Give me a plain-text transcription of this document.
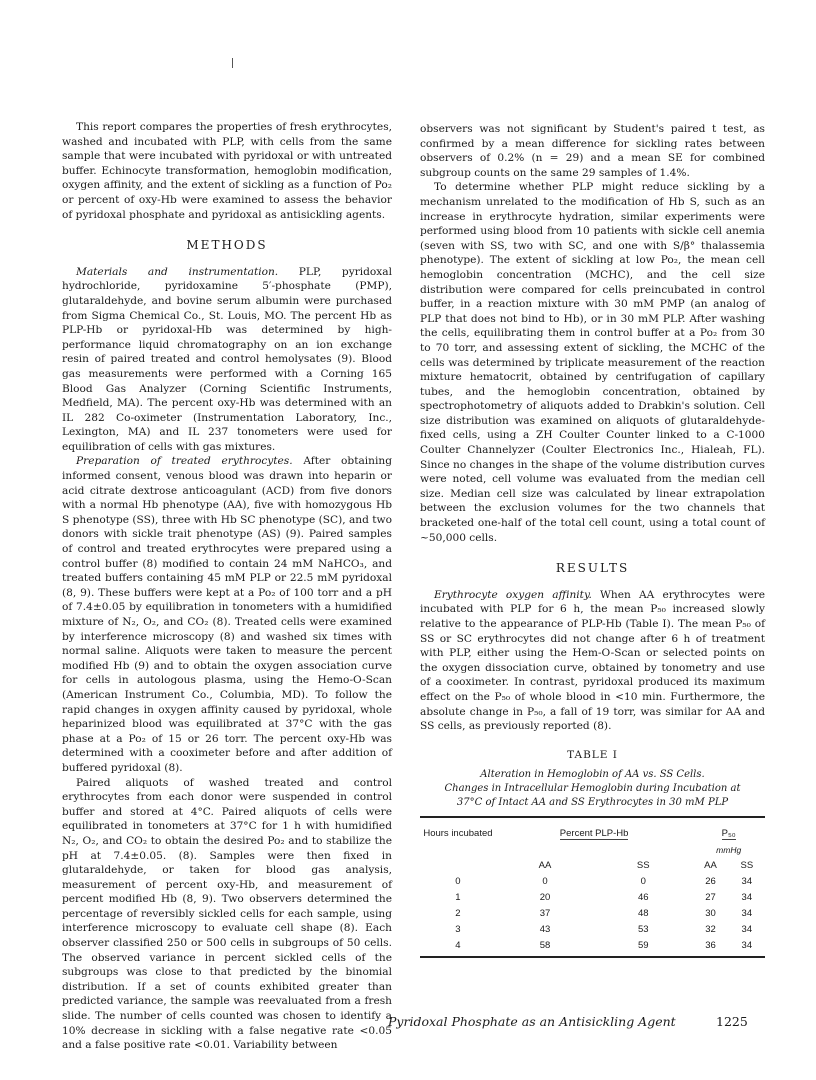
This report compares the properties of fresh erythrocytes, washed and incubated with PLP, with cells from the same sample that were incubated with pyridoxal or with untreated buffer. Echinocyte transformation, hemoglobin modification, oxygen affinity, and the extent of sickling as a function of Po₂ or percent of oxy-Hb were examined to assess the behavior of pyridoxal phosphate and pyridoxal as antisickling agents.

METHODS

Materials and instrumentation. PLP, pyridoxal hydrochloride, pyridoxamine 5′-phosphate (PMP), glutaraldehyde, and bovine serum albumin were purchased from Sigma Chemical Co., St. Louis, MO. The percent Hb as PLP-Hb or pyridoxal-Hb was determined by high-performance liquid chromatography on an ion exchange resin of paired treated and control hemolysates (9). Blood gas measurements were performed with a Corning 165 Blood Gas Analyzer (Corning Scientific Instruments, Medfield, MA). The percent oxy-Hb was determined with an IL 282 Co-oximeter (Instrumentation Laboratory, Inc., Lexington, MA) and IL 237 tonometers were used for equilibration of cells with gas mixtures.

Preparation of treated erythrocytes. After obtaining informed consent, venous blood was drawn into heparin or acid citrate dextrose anticoagulant (ACD) from five donors with a normal Hb phenotype (AA), five with homozygous Hb S phenotype (SS), three with Hb SC phenotype (SC), and two donors with sickle trait phenotype (AS) (9). Paired samples of control and treated erythrocytes were prepared using a control buffer (8) modified to contain 24 mM NaHCO₃, and treated buffers containing 45 mM PLP or 22.5 mM pyridoxal (8, 9). These buffers were kept at a Po₂ of 100 torr and a pH of 7.4±0.05 by equilibration in tonometers with a humidified mixture of N₂, O₂, and CO₂ (8). Treated cells were examined by interference microscopy (8) and washed six times with normal saline. Aliquots were taken to measure the percent modified Hb (9) and to obtain the oxygen association curve for cells in autologous plasma, using the Hemo-O-Scan (American Instrument Co., Columbia, MD). To follow the rapid changes in oxygen affinity caused by pyridoxal, whole heparinized blood was equilibrated at 37°C with the gas phase at a Po₂ of 15 or 26 torr. The percent oxy-Hb was determined with a cooximeter before and after addition of buffered pyridoxal (8).

Paired aliquots of washed treated and control erythrocytes from each donor were suspended in control buffer and stored at 4°C. Paired aliquots of cells were equilibrated in tonometers at 37°C for 1 h with humidified N₂, O₂, and CO₂ to obtain the desired Po₂ and to stabilize the pH at 7.4±0.05. (8). Samples were then fixed in glutaraldehyde, or taken for blood gas analysis, measurement of percent oxy-Hb, and measurement of percent modified Hb (8, 9). Two observers determined the percentage of reversibly sickled cells for each sample, using interference microscopy to evaluate cell shape (8). Each observer classified 250 or 500 cells in subgroups of 50 cells. The observed variance in percent sickled cells of the subgroups was close to that predicted by the binomial distribution. If a set of counts exhibited greater than predicted variance, the sample was reevaluated from a fresh slide. The number of cells counted was chosen to identify a 10% decrease in sickling with a false negative rate <0.05 and a false positive rate <0.01. Variability between

observers was not significant by Student's paired t test, as confirmed by a mean difference for sickling rates between observers of 0.2% (n = 29) and a mean SE for combined subgroup counts on the same 29 samples of 1.4%.

To determine whether PLP might reduce sickling by a mechanism unrelated to the modification of Hb S, such as an increase in erythrocyte hydration, similar experiments were performed using blood from 10 patients with sickle cell anemia (seven with SS, two with SC, and one with S/β° thalassemia phenotype). The extent of sickling at low Po₂, the mean cell hemoglobin concentration (MCHC), and the cell size distribution were compared for cells preincubated in control buffer, in a reaction mixture with 30 mM PMP (an analog of PLP that does not bind to Hb), or in 30 mM PLP. After washing the cells, equilibrating them in control buffer at a Po₂ from 30 to 70 torr, and assessing extent of sickling, the MCHC of the cells was determined by triplicate measurement of the reaction mixture hematocrit, obtained by centrifugation of capillary tubes, and the hemoglobin concentration, obtained by spectrophotometry of aliquots added to Drabkin's solution. Cell size distribution was examined on aliquots of glutaraldehyde-fixed cells, using a ZH Coulter Counter linked to a C-1000 Coulter Channelyzer (Coulter Electronics Inc., Hialeah, FL). Since no changes in the shape of the volume distribution curves were noted, cell volume was evaluated from the median cell size. Median cell size was calculated by linear extrapolation between the exclusion volumes for the two channels that bracketed one-half of the total cell count, using a total count of ~50,000 cells.

RESULTS

Erythrocyte oxygen affinity. When AA erythrocytes were incubated with PLP for 6 h, the mean P₅₀ increased slowly relative to the appearance of PLP-Hb (Table I). The mean P₅₀ of SS or SC erythrocytes did not change after 6 h of treatment with PLP, either using the Hem-O-Scan or selected points on the oxygen dissociation curve, obtained by tonometry and use of a cooximeter. In contrast, pyridoxal produced its maximum effect on the P₅₀ of whole blood in <10 min. Furthermore, the absolute change in P₅₀, a fall of 19 torr, was similar for AA and SS cells, as previously reported (8).

TABLE I
Alteration in Hemoglobin of AA vs. SS Cells.
Changes in Intracellular Hemoglobin during Incubation at
37°C of Intact AA and SS Erythrocytes in 30 mM PLP
Hours incubated	Percent PLP-Hb		P₅₀	
			mmHg	
	AA	SS	AA	SS
0	0	0	26	34
1	20	46	27	34
2	37	48	30	34
3	43	53	32	34
4	58	59	36	34
Pyridoxal Phosphate as an Antisickling Agent	1225
